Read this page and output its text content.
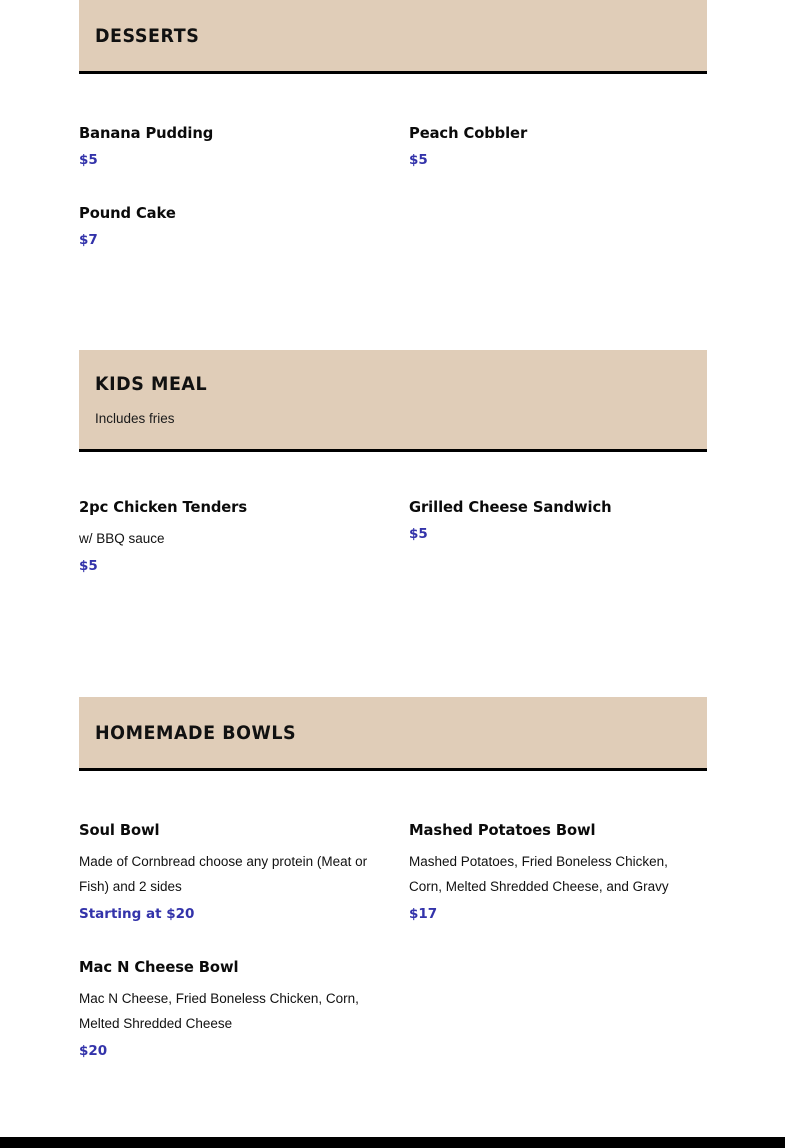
DESSERTS
Banana Pudding
$5
Peach Cobbler
$5
Pound Cake
$7
KIDS MEAL
Includes fries
2pc Chicken Tenders
w/ BBQ sauce
$5
Grilled Cheese Sandwich
$5
HOMEMADE BOWLS
Soul Bowl
Made of Cornbread choose any protein (Meat or Fish) and 2 sides
Starting at $20
Mashed Potatoes Bowl
Mashed Potatoes, Fried Boneless Chicken, Corn, Melted Shredded Cheese, and Gravy
$17
Mac N Cheese Bowl
Mac N Cheese, Fried Boneless Chicken, Corn, Melted Shredded Cheese
$20
